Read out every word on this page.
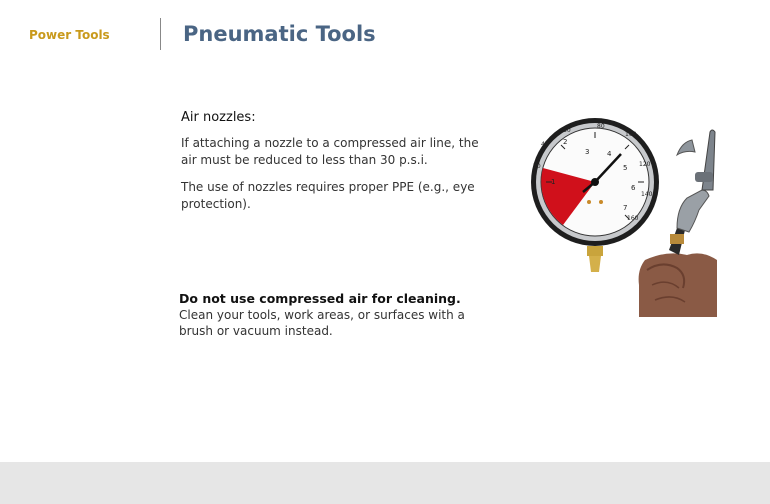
Power Tools	Pneumatic Tools
Air nozzles:
If attaching a nozzle to a compressed air line, the air must be reduced to less than 30 p.s.i.
The use of nozzles requires proper PPE (e.g., eye protection).
Do not use compressed air for cleaning.
Clean your tools, work areas, or surfaces with a brush or vacuum instead.
2
3	4
5
6
7
1
20
40
60
80
100
120
140
160
